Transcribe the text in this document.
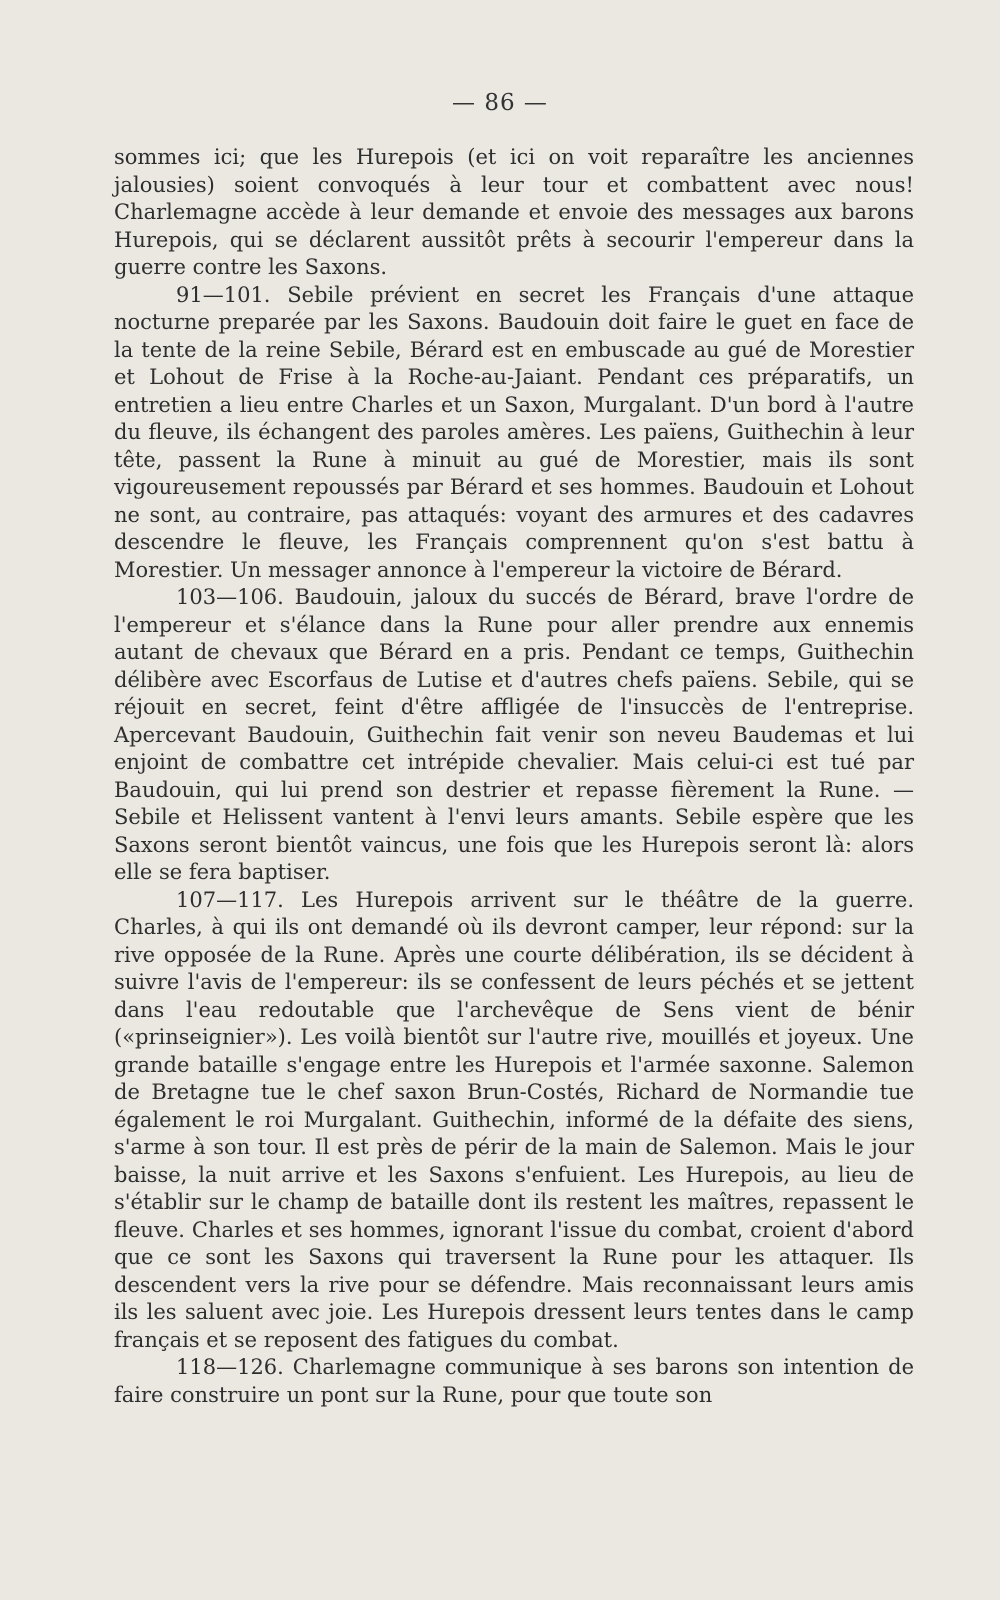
— 86 —

sommes ici; que les Hurepois (et ici on voit reparaître les anciennes jalousies) soient convoqués à leur tour et combattent avec nous! Charlemagne accède à leur demande et envoie des messages aux barons Hurepois, qui se déclarent aussitôt prêts à secourir l'empereur dans la guerre contre les Saxons.

91—101. Sebile prévient en secret les Français d'une attaque nocturne preparée par les Saxons. Baudouin doit faire le guet en face de la tente de la reine Sebile, Bérard est en embuscade au gué de Morestier et Lohout de Frise à la Roche-au-Jaiant. Pendant ces préparatifs, un entretien a lieu entre Charles et un Saxon, Murgalant. D'un bord à l'autre du fleuve, ils échangent des paroles amères. Les païens, Guithechin à leur tête, passent la Rune à minuit au gué de Morestier, mais ils sont vigoureusement repoussés par Bérard et ses hommes. Baudouin et Lohout ne sont, au contraire, pas attaqués: voyant des armures et des cadavres descendre le fleuve, les Français comprennent qu'on s'est battu à Morestier. Un messager annonce à l'empereur la victoire de Bérard.

103—106. Baudouin, jaloux du succés de Bérard, brave l'ordre de l'empereur et s'élance dans la Rune pour aller prendre aux ennemis autant de chevaux que Bérard en a pris. Pendant ce temps, Guithechin délibère avec Escorfaus de Lutise et d'autres chefs païens. Sebile, qui se réjouit en secret, feint d'être affligée de l'insuccès de l'entreprise. Apercevant Baudouin, Guithechin fait venir son neveu Baudemas et lui enjoint de combattre cet intrépide chevalier. Mais celui-ci est tué par Baudouin, qui lui prend son destrier et repasse fièrement la Rune. — Sebile et Helissent vantent à l'envi leurs amants. Sebile espère que les Saxons seront bientôt vaincus, une fois que les Hurepois seront là: alors elle se fera baptiser.

107—117. Les Hurepois arrivent sur le théâtre de la guerre. Charles, à qui ils ont demandé où ils devront camper, leur répond: sur la rive opposée de la Rune. Après une courte délibération, ils se décident à suivre l'avis de l'empereur: ils se confessent de leurs péchés et se jettent dans l'eau redoutable que l'archevêque de Sens vient de bénir («prinseignier»). Les voilà bientôt sur l'autre rive, mouillés et joyeux. Une grande bataille s'engage entre les Hurepois et l'armée saxonne. Salemon de Bretagne tue le chef saxon Brun-Costés, Richard de Normandie tue également le roi Murgalant. Guithechin, informé de la défaite des siens, s'arme à son tour. Il est près de périr de la main de Salemon. Mais le jour baisse, la nuit arrive et les Saxons s'enfuient. Les Hurepois, au lieu de s'établir sur le champ de bataille dont ils restent les maîtres, repassent le fleuve. Charles et ses hommes, ignorant l'issue du combat, croient d'abord que ce sont les Saxons qui traversent la Rune pour les attaquer. Ils descendent vers la rive pour se défendre. Mais reconnaissant leurs amis ils les saluent avec joie. Les Hurepois dressent leurs tentes dans le camp français et se reposent des fatigues du combat.

118—126. Charlemagne communique à ses barons son intention de faire construire un pont sur la Rune, pour que toute son
